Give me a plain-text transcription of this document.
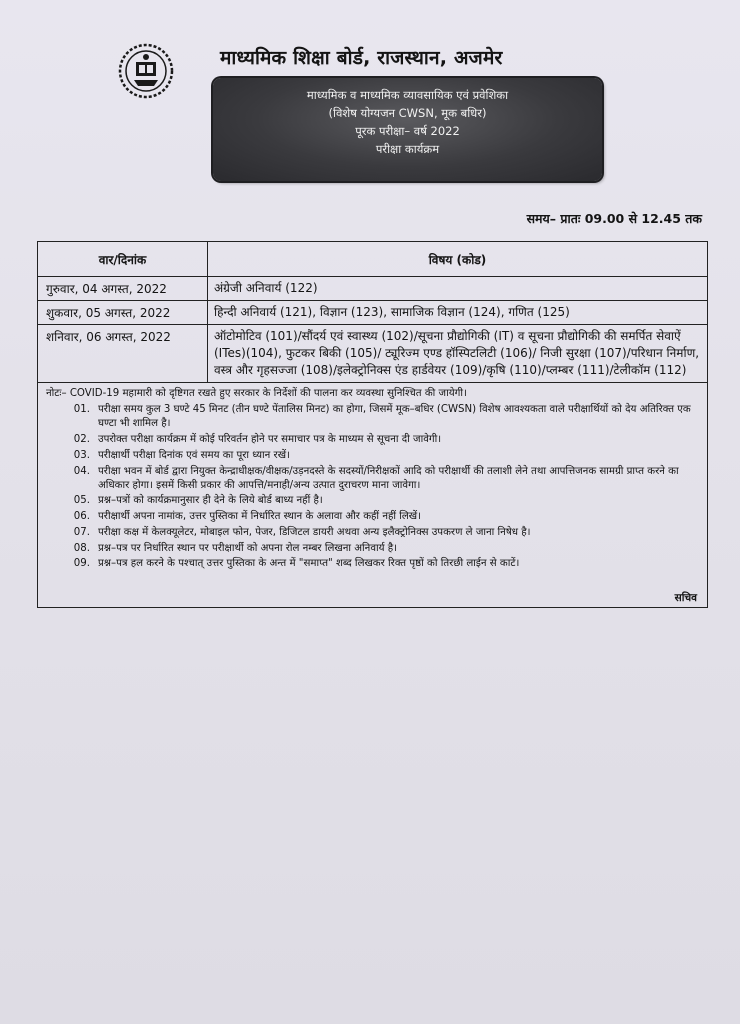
माध्यमिक शिक्षा बोर्ड, राजस्थान, अजमेर
माध्यमिक व माध्यमिक व्यावसायिक एवं प्रवेशिका
(विशेष योग्यजन CWSN, मूक बधिर)
पूरक परीक्षा– वर्ष 2022
परीक्षा कार्यक्रम
समय– प्रातः 09.00 से 12.45 तक
वार/दिनांक	विषय (कोड)
गुरुवार, 04 अगस्त, 2022	अंग्रेजी अनिवार्य (122)
शुकवार, 05 अगस्त, 2022	हिन्दी अनिवार्य (121), विज्ञान (123), सामाजिक विज्ञान (124), गणित (125)
शनिवार, 06 अगस्त, 2022	ऑटोमोटिव (101)/सौंदर्य एवं स्वास्थ्य (102)/सूचना प्रौद्योगिकी (IT) व सूचना प्रौद्योगिकी की समर्पित सेवाऐं (ITes)(104), फुटकर बिकी (105)/ ट्यूरिज्म एण्ड हॉस्पिटलिटी (106)/ निजी सुरक्षा (107)/परिधान निर्माण, वस्त्र और गृहसज्जा (108)/इलेक्ट्रोनिक्स एंड हार्डवेयर (109)/कृषि (110)/प्लम्बर (111)/टेलीकॉम (112)
नोटः– COVID-19 महामारी को दृष्टिगत रखते हुए सरकार के निर्देशों की पालना कर व्यवस्था सुनिश्चित की जायेगी।
01. परीक्षा समय कुल 3 घण्टे 45 मिनट (तीन घण्टे पेंतालिस मिनट) का होगा, जिसमें मूक–बधिर (CWSN) विशेष आवश्यकता वाले परीक्षार्थियों को देय अतिरिक्त एक घण्टा भी शामिल है।
02. उपरोक्त परीक्षा कार्यक्रम में कोई परिवर्तन होने पर समाचार पत्र के माध्यम से सूचना दी जावेगी।
03. परीक्षार्थी परीक्षा दिनांक एवं समय का पूरा ध्यान रखें।
04. परीक्षा भवन में बोर्ड द्वारा नियुक्त केन्द्राधीक्षक/वीक्षक/उड़नदस्ते के सदस्यों/निरीक्षकों आदि को परीक्षार्थी की तलाशी लेने तथा आपत्तिजनक सामग्री प्राप्त करने का अधिकार होगा। इसमें किसी प्रकार की आपत्ति/मनाही/अन्य उत्पात दुराचरण माना जावेगा।
05. प्रश्न–पत्रों को कार्यक्रमानुसार ही देने के लिये बोर्ड बाध्य नहीं है।
06. परीक्षार्थी अपना नामांक, उत्तर पुस्तिका में निर्धारित स्थान के अलावा और कहीं नहीं लिखें।
07. परीक्षा कक्ष में केलक्यूलेटर, मोबाइल फोन, पेजर, डिजिटल डायरी अथवा अन्य इलैक्ट्रोनिक्स उपकरण ले जाना निषेध है।
08. प्रश्न–पत्र पर निर्धारित स्थान पर परीक्षार्थी को अपना रोल नम्बर लिखना अनिवार्य है।
09. प्रश्न–पत्र हल करने के पश्चात् उत्तर पुस्तिका के अन्त में "समाप्त" शब्द लिखकर रिक्त पृष्ठों को तिरछी लाईन से काटें।
सचिव
